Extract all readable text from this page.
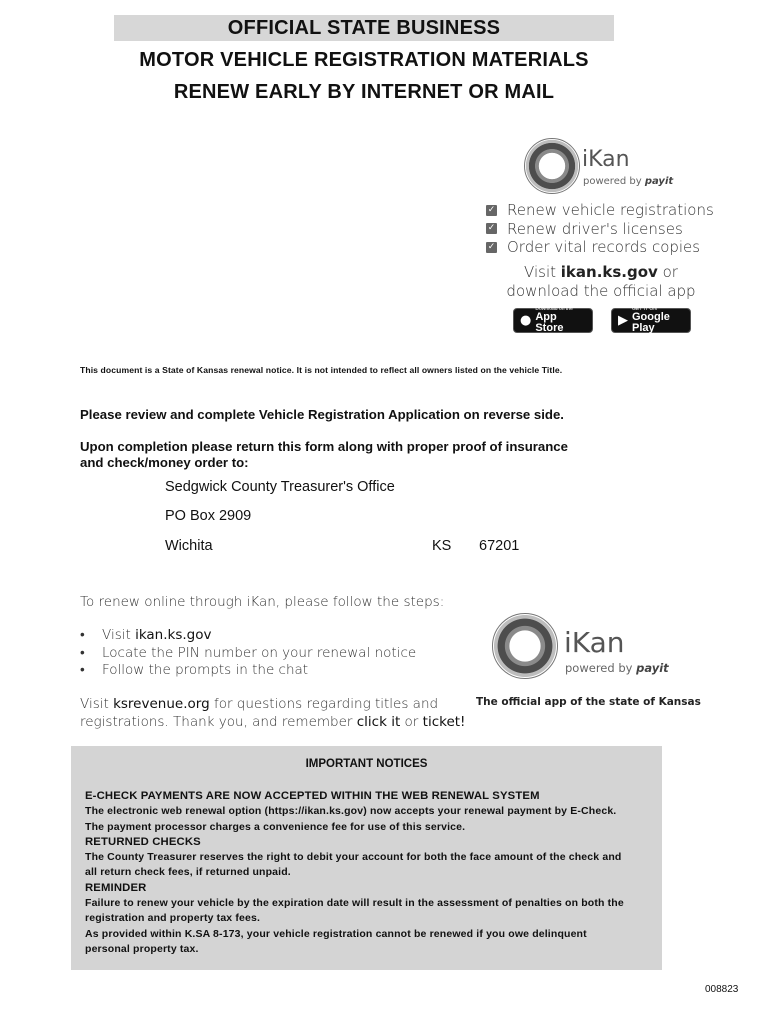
OFFICIAL STATE BUSINESS
MOTOR VEHICLE REGISTRATION MATERIALS
RENEW EARLY BY INTERNET OR MAIL
iKan
powered by payit
✓ Renew vehicle registrations
✓ Renew driver's licenses
✓ Order vital records copies
Visit ikan.ks.gov or
download the official app
●
Download on the
App Store	▶
GET IT ON
Google Play
This document is a State of Kansas renewal notice. It is not intended to reflect all owners listed on the vehicle Title.
Please review and complete Vehicle Registration Application on reverse side.
Upon completion please return this form along with proper proof of insurance
and check/money order to:
Sedgwick County Treasurer's Office
PO Box 2909
Wichita	KS 67201
To renew online through iKan, please follow the steps:
•	Visit ikan.ks.gov
•	Locate the PIN number on your renewal notice
•	Follow the prompts in the chat
Visit ksrevenue.org for questions regarding titles and
registrations. Thank you, and remember click it or ticket!
iKan
powered by payit
The official app of the state of Kansas
IMPORTANT NOTICES
E-CHECK PAYMENTS ARE NOW ACCEPTED WITHIN THE WEB RENEWAL SYSTEM
The electronic web renewal option (https://ikan.ks.gov) now accepts your renewal payment by E-Check.
The payment processor charges a convenience fee for use of this service.
RETURNED CHECKS
The County Treasurer reserves the right to debit your account for both the face amount of the check and
all return check fees, if returned unpaid.
REMINDER
Failure to renew your vehicle by the expiration date will result in the assessment of penalties on both the
registration and property tax fees.
As provided within K.SA 8-173, your vehicle registration cannot be renewed if you owe delinquent
personal property tax.
008823
